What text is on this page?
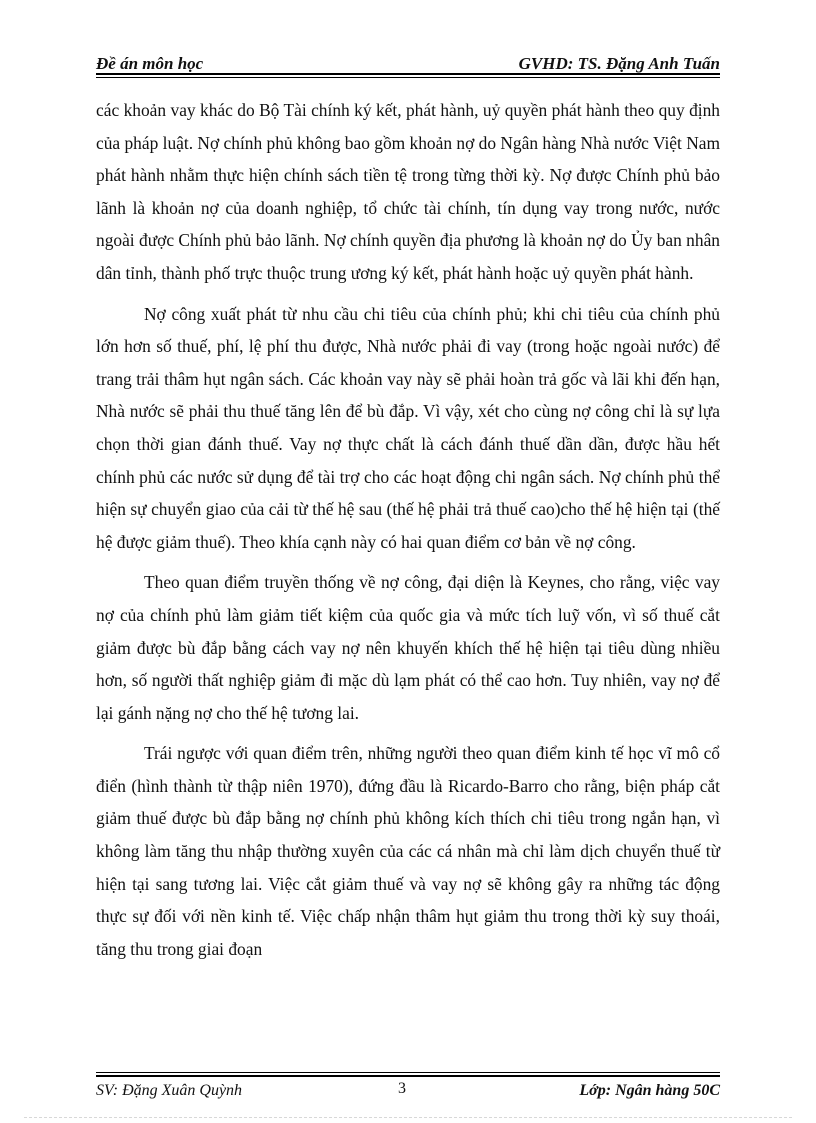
Đề án môn học	GVHD: TS. Đặng Anh Tuấn

các khoản vay khác do Bộ Tài chính ký kết, phát hành, uỷ quyền phát hành theo quy định của pháp luật. Nợ chính phủ không bao gồm khoản nợ do Ngân hàng Nhà nước Việt Nam phát hành nhằm thực hiện chính sách tiền tệ trong từng thời kỳ. Nợ được Chính phủ bảo lãnh là khoản nợ của doanh nghiệp, tổ chức tài chính, tín dụng vay trong nước, nước ngoài được Chính phủ bảo lãnh. Nợ chính quyền địa phương là khoản nợ do Ủy ban nhân dân tỉnh, thành phố trực thuộc trung ương ký kết, phát hành hoặc uỷ quyền phát hành.

Nợ công xuất phát từ nhu cầu chi tiêu của chính phủ; khi chi tiêu của chính phủ lớn hơn số thuế, phí, lệ phí thu được, Nhà nước phải đi vay (trong hoặc ngoài nước) để trang trải thâm hụt ngân sách. Các khoản vay này sẽ phải hoàn trả gốc và lãi khi đến hạn, Nhà nước sẽ phải thu thuế tăng lên để bù đắp. Vì vậy, xét cho cùng nợ công chỉ là sự lựa chọn thời gian đánh thuế. Vay nợ thực chất là cách đánh thuế dần dần, được hầu hết chính phủ các nước sử dụng để tài trợ cho các hoạt động chi ngân sách. Nợ chính phủ thể hiện sự chuyển giao của cải từ thế hệ sau (thế hệ phải trả thuế cao)cho thế hệ hiện tại (thế hệ được giảm thuế). Theo khía cạnh này có hai quan điểm cơ bản về nợ công.

Theo quan điểm truyền thống về nợ công, đại diện là Keynes, cho rằng, việc vay nợ của chính phủ làm giảm tiết kiệm của quốc gia và mức tích luỹ vốn, vì số thuế cắt giảm được bù đắp bằng cách vay nợ nên khuyến khích thế hệ hiện tại tiêu dùng nhiều hơn, số người thất nghiệp giảm đi mặc dù lạm phát có thể cao hơn. Tuy nhiên, vay nợ để lại gánh nặng nợ cho thế hệ tương lai.

Trái ngược với quan điểm trên, những người theo quan điểm kinh tế học vĩ mô cổ điển (hình thành từ thập niên 1970), đứng đầu là Ricardo-Barro cho rằng, biện pháp cắt giảm thuế được bù đắp bằng nợ chính phủ không kích thích chi tiêu trong ngắn hạn, vì không làm tăng thu nhập thường xuyên của các cá nhân mà chỉ làm dịch chuyển thuế từ hiện tại sang tương lai. Việc cắt giảm thuế và vay nợ sẽ không gây ra những tác động thực sự đối với nền kinh tế. Việc chấp nhận thâm hụt giảm thu trong thời kỳ suy thoái, tăng thu trong giai đoạn

SV: Đặng Xuân Quỳnh	3	Lớp: Ngân hàng 50C
